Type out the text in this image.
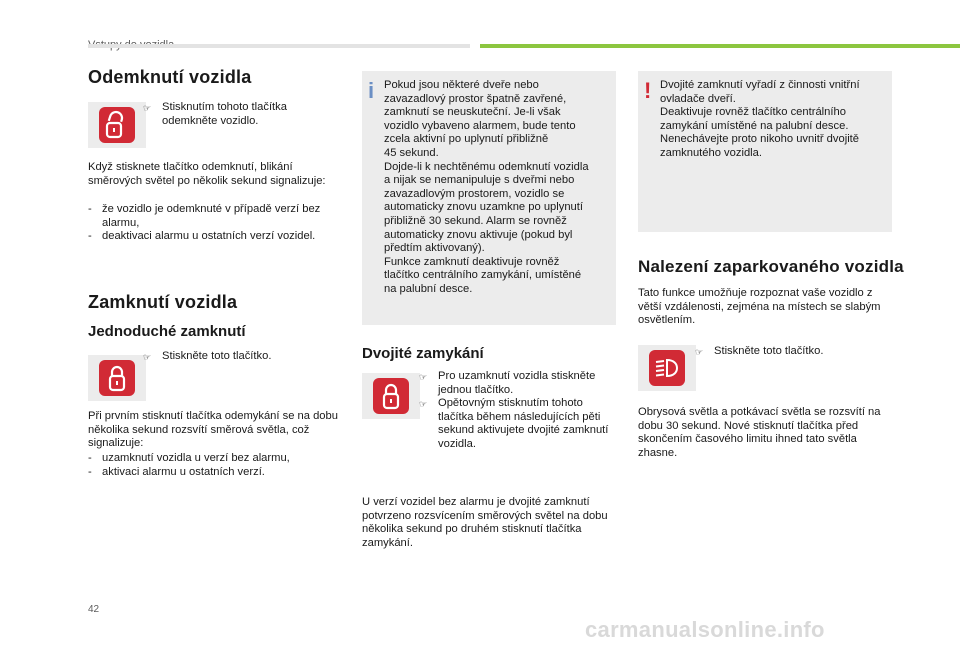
Odemknutí vozidla
☞ Stisknutím tohoto tlačítka odemkněte vozidlo.
Když stisknete tlačítko odemknutí, blikání směrových světel po několik sekund signalizuje:
- že vozidlo je odemknuté v případě verzí bez alarmu,
- deaktivaci alarmu u ostatních verzí vozidel.
Zamknutí vozidla
Jednoduché zamknutí
☞ Stiskněte toto tlačítko.
Při prvním stisknutí tlačítka odemykání se na dobu několika sekund rozsvítí směrová světla, což signalizuje:
- uzamknutí vozidla u verzí bez alarmu,
- aktivaci alarmu u ostatních verzí.
i Pokud jsou některé dveře nebo
zavazadlový prostor špatně zavřené,
zamknutí se neuskuteční. Je-li však
vozidlo vybaveno alarmem, bude tento
zcela aktivní po uplynutí přibližně
45 sekund.
Dojde-li k nechtěnému odemknutí vozidla
a nijak se nemanipuluje s dveřmi nebo
zavazadlovým prostorem, vozidlo se
automaticky znovu uzamkne po uplynutí
přibližně 30 sekund. Alarm se rovněž
automaticky znovu aktivuje (pokud byl
předtím aktivovaný).
Funkce zamknutí deaktivuje rovněž
tlačítko centrálního zamykání, umístěné
na palubní desce.
Dvojité zamykání
☞ Pro uzamknutí vozidla stiskněte jednou tlačítko.
☞ Opětovným stisknutím tohoto tlačítka během následujících pěti sekund aktivujete dvojité zamknutí vozidla.
U verzí vozidel bez alarmu je dvojité zamknutí potvrzeno rozsvícením směrových světel na dobu několika sekund po druhém stisknutí tlačítka zamykání.
! Dvojité zamknutí vyřadí z činnosti vnitřní
ovladače dveří.
Deaktivuje rovněž tlačítko centrálního
zamykání umístěné na palubní desce.
Nenechávejte proto nikoho uvnitř dvojitě
zamknutého vozidla.
Nalezení zaparkovaného vozidla
Tato funkce umožňuje rozpoznat vaše vozidlo z větší vzdálenosti, zejména na místech se slabým osvětlením.
☞ Stiskněte toto tlačítko.
Obrysová světla a potkávací světla se rozsvítí na dobu 30 sekund. Nové stisknutí tlačítka před skončením časového limitu ihned tato světla zhasne.
42
carmanualsonline.info
